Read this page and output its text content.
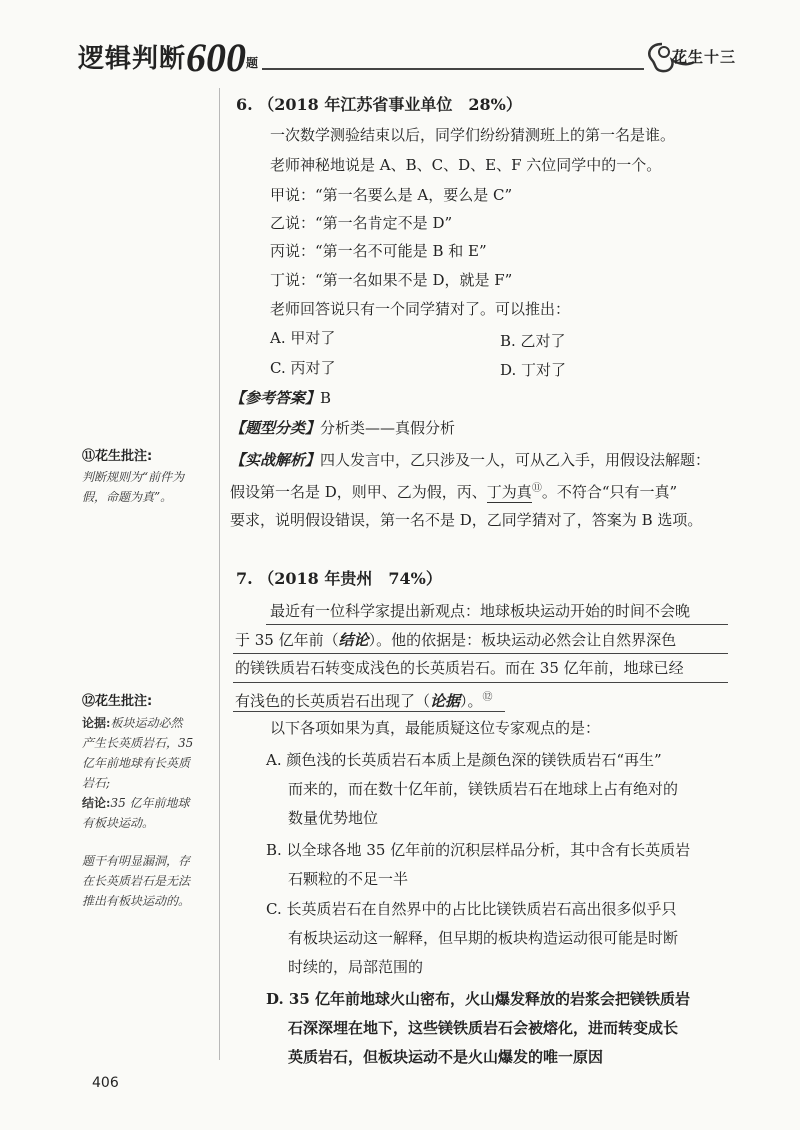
逻辑判断600题	花生十三
⑪花生批注:
判断规则为“前件为
假，命题为真”。
⑫花生批注:
论据:板块运动必然
产生长英质岩石，35
亿年前地球有长英质
岩石;
结论:35 亿年前地球
有板块运动。
题干有明显漏洞，存
在长英质岩石是无法
推出有板块运动的。
6. （2018 年江苏省事业单位　28%）
一次数学测验结束以后，同学们纷纷猜测班上的第一名是谁。
老师神秘地说是 A、B、C、D、E、F 六位同学中的一个。
甲说：“第一名要么是 A，要么是 C”
乙说：“第一名肯定不是 D”
丙说：“第一名不可能是 B 和 E”
丁说：“第一名如果不是 D，就是 F”
老师回答说只有一个同学猜对了。可以推出：
A. 甲对了	B. 乙对了
C. 丙对了	D. 丁对了
【参考答案】B
【题型分类】分析类——真假分析
【实战解析】四人发言中，乙只涉及一人，可从乙入手，用假设法解题：
假设第一名是 D，则甲、乙为假，丙、丁为真⑪。不符合“只有一真”
要求，说明假设错误，第一名不是 D，乙同学猜对了，答案为 B 选项。
7. （2018 年贵州　74%）
最近有一位科学家提出新观点：地球板块运动开始的时间不会晚
于 35 亿年前（结论）。他的依据是：板块运动必然会让自然界深色
的镁铁质岩石转变成浅色的长英质岩石。而在 35 亿年前，地球已经
有浅色的长英质岩石出现了（论据）。⑫
以下各项如果为真，最能质疑这位专家观点的是：
A. 颜色浅的长英质岩石本质上是颜色深的镁铁质岩石“再生”
而来的，而在数十亿年前，镁铁质岩石在地球上占有绝对的
数量优势地位
B. 以全球各地 35 亿年前的沉积层样品分析，其中含有长英质岩
石颗粒的不足一半
C. 长英质岩石在自然界中的占比比镁铁质岩石高出很多似乎只
有板块运动这一解释，但早期的板块构造运动很可能是时断
时续的，局部范围的
D. 35 亿年前地球火山密布，火山爆发释放的岩浆会把镁铁质岩
石深深埋在地下，这些镁铁质岩石会被熔化，进而转变成长
英质岩石，但板块运动不是火山爆发的唯一原因
406
